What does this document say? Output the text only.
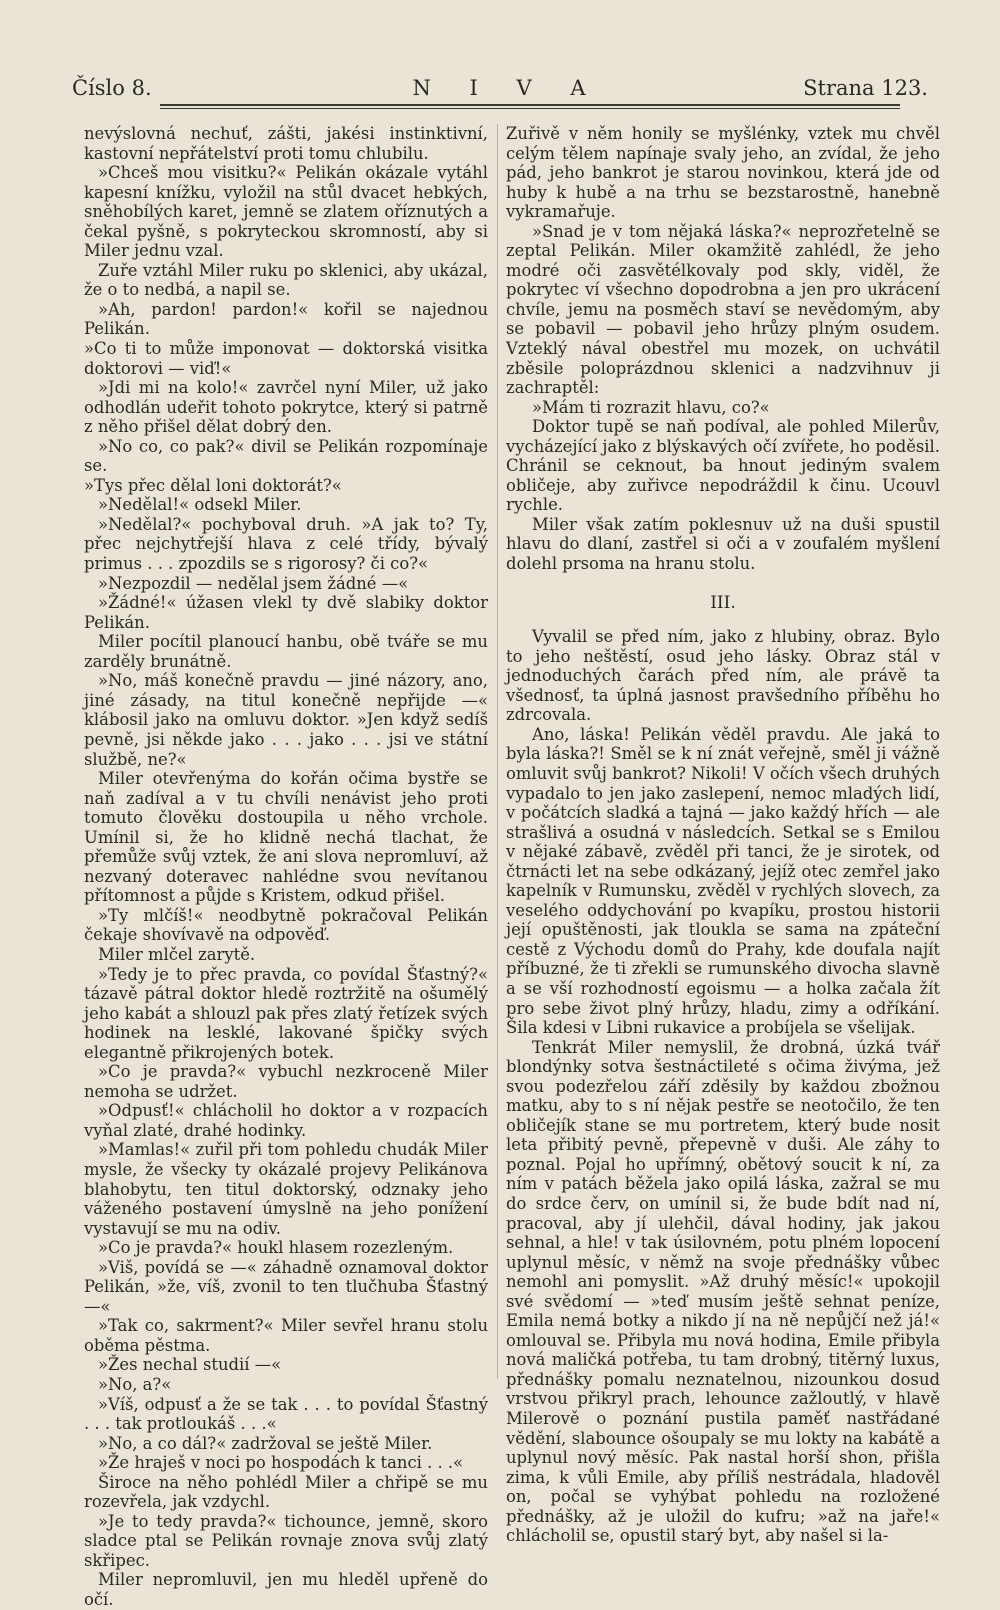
Číslo 8.	N I V A	Strana 123.

nevýslovná nechuť, zášti, jakési instinktivní, kastovní nepřátelství proti tomu chlubilu.

»Chceš mou visitku?« Pelikán okázale vytáhl kapesní knížku, vyložil na stůl dvacet hebkých, sněhobílých karet, jemně se zlatem oříznutých a čekal pyšně, s pokryteckou skromností, aby si Miler jednu vzal.

Zuře vztáhl Miler ruku po sklenici, aby ukázal, že o to nedbá, a napil se.

»Ah, pardon! pardon!« kořil se najednou Pelikán.

»Co ti to může imponovat — doktorská visitka doktorovi — viď!«

»Jdi mi na kolo!« zavrčel nyní Miler, už jako odhodlán udeřit tohoto pokrytce, který si patrně z něho přišel dělat dobrý den.

»No co, co pak?« divil se Pelikán rozpomínaje se.

»Tys přec dělal loni doktorát?«

»Nedělal!« odsekl Miler.

»Nedělal?« pochyboval druh. »A jak to? Ty, přec nejchytřejší hlava z celé třídy, bývalý primus . . . zpozdils se s rigorosy? či co?«

»Nezpozdil — nedělal jsem žádné —«

»Žádné!« úžasen vlekl ty dvě slabiky doktor Pelikán.

Miler pocítil planoucí hanbu, obě tváře se mu zarděly brunátně.

»No, máš konečně pravdu — jiné názory, ano, jiné zásady, na titul konečně nepřijde —« klábosil jako na omluvu doktor. »Jen když sedíš pevně, jsi někde jako . . . jako . . . jsi ve státní službě, ne?«

Miler otevřenýma do kořán očima bystře se naň zadíval a v tu chvíli nenávist jeho proti tomuto člověku dostoupila u něho vrchole. Umínil si, že ho klidně nechá tlachat, že přemůže svůj vztek, že ani slova nepromluví, až nezvaný doteravec nahlédne svou nevítanou přítomnost a půjde s Kristem, odkud přišel.

»Ty mlčíš!« neodbytně pokračoval Pelikán čekaje shovívavě na odpověď.

Miler mlčel zarytě.

»Tedy je to přec pravda, co povídal Šťastný?« tázavě pátral doktor hledě roztržitě na ošumělý jeho kabát a shlouzl pak přes zlatý řetízek svých hodinek na lesklé, lakované špičky svých elegantně přikrojených botek.

»Co je pravda?« vybuchl nezkroceně Miler nemoha se udržet.

»Odpusť!« chlácholil ho doktor a v rozpacích vyňal zlaté, drahé hodinky.

»Mamlas!« zuřil při tom pohledu chudák Miler mysle, že všecky ty okázalé projevy Pelikánova blahobytu, ten titul doktorský, odznaky jeho váženého postavení úmyslně na jeho ponížení vystavují se mu na odiv.

»Co je pravda?« houkl hlasem rozezleným.

»Viš, povídá se —« záhadně oznamoval doktor Pelikán, »že, víš, zvonil to ten tlučhuba Šťastný —«

»Tak co, sakrment?« Miler sevřel hranu stolu oběma pěstma.

»Žes nechal studií —«

»No, a?«

»Víš, odpusť a že se tak . . . to povídal Šťastný . . . tak protloukáš . . .«

»No, a co dál?« zadržoval se ještě Miler.

»Že hraješ v noci po hospodách k tanci . . .«

Široce na něho pohlédl Miler a chřipě se mu rozevřela, jak vzdychl.

»Je to tedy pravda?« tichounce, jemně, skoro sladce ptal se Pelikán rovnaje znova svůj zlatý skřipec.

Miler nepromluvil, jen mu hleděl upřeně do očí.

Zuřivě v něm honily se myšlénky, vztek mu chvěl celým tělem napínaje svaly jeho, an zvídal, že jeho pád, jeho bankrot je starou novinkou, která jde od huby k hubě a na trhu se bezstarostně, hanebně vykramařuje.

»Snad je v tom nějaká láska?« neprozřetelně se zeptal Pelikán. Miler okamžitě zahlédl, že jeho modré oči zasvětélkovaly pod skly, viděl, že pokrytec ví všechno dopodrobna a jen pro ukrácení chvíle, jemu na posměch staví se nevědomým, aby se pobavil — pobavil jeho hrůzy plným osudem. Vzteklý nával obestřel mu mozek, on uchvátil zběsile poloprázdnou sklenici a nadzvihnuv ji zachraptěl:

»Mám ti rozrazit hlavu, co?«

Doktor tupě se naň podíval, ale pohled Milerův, vycházející jako z blýskavých očí zvířete, ho poděsil. Chránil se ceknout, ba hnout jediným svalem obličeje, aby zuřivce nepodráždil k činu. Ucouvl rychle.

Miler však zatím poklesnuv už na duši spustil hlavu do dlaní, zastřel si oči a v zoufalém myšlení dolehl prsoma na hranu stolu.

III.

Vyvalil se před ním, jako z hlubiny, obraz. Bylo to jeho neštěstí, osud jeho lásky. Obraz stál v jednoduchých čarách před ním, ale právě ta všednosť, ta úplná jasnost pravšedního příběhu ho zdrcovala.

Ano, láska! Pelikán věděl pravdu. Ale jaká to byla láska?! Směl se k ní znát veřejně, směl ji vážně omluvit svůj bankrot? Nikoli! V očích všech druhých vypadalo to jen jako zaslepení, nemoc mladých lidí, v počátcích sladká a tajná — jako každý hřích — ale strašlivá a osudná v následcích. Setkal se s Emilou v nějaké zábavě, zvěděl při tanci, že je sirotek, od čtrnácti let na sebe odkázaný, jejíž otec zemřel jako kapelník v Rumunsku, zvěděl v rychlých slovech, za veselého oddychování po kvapíku, prostou historii její opuštěnosti, jak tloukla se sama na zpáteční cestě z Východu domů do Prahy, kde doufala najít příbuzné, že ti zřekli se rumunského divocha slavně a se vší rozhodností egoismu — a holka začala žít pro sebe život plný hrůzy, hladu, zimy a odříkání. Šila kdesi v Libni rukavice a probíjela se všelijak.

Tenkrát Miler nemyslil, že drobná, úzká tvář blondýnky sotva šestnáctileté s očima živýma, jež svou podezřelou září zděsily by každou zbožnou matku, aby to s ní nějak pestře se neotočilo, že ten obličejík stane se mu portretem, který bude nosit leta přibitý pevně, přepevně v duši. Ale záhy to poznal. Pojal ho upřímný, obětový soucit k ní, za ním v patách běžela jako opilá láska, zažral se mu do srdce červ, on umínil si, že bude bdít nad ní, pracoval, aby jí ulehčil, dával hodiny, jak jakou sehnal, a hle! v tak úsilovném, potu plném lopocení uplynul měsíc, v němž na svoje přednášky vůbec nemohl ani pomyslit. »Až druhý měsíc!« upokojil své svědomí — »teď musím ještě sehnat peníze, Emila nemá botky a nikdo jí na ně nepůjčí než já!« omlouval se. Přibyla mu nová hodina, Emile přibyla nová maličká potřeba, tu tam drobný, titěrný luxus, přednášky pomalu neznatelnou, nizounkou dosud vrstvou přikryl prach, lehounce zažloutlý, v hlavě Milerově o poznání pustila paměť nastřádané vědění, slabounce ošoupaly se mu lokty na kabátě a uplynul nový měsíc. Pak nastal horší shon, přišla zima, k vůli Emile, aby příliš nestrádala, hladověl on, počal se vyhýbat pohledu na rozložené přednášky, až je uložil do kufru; »až na jaře!« chlácholil se, opustil starý byt, aby našel si la-
